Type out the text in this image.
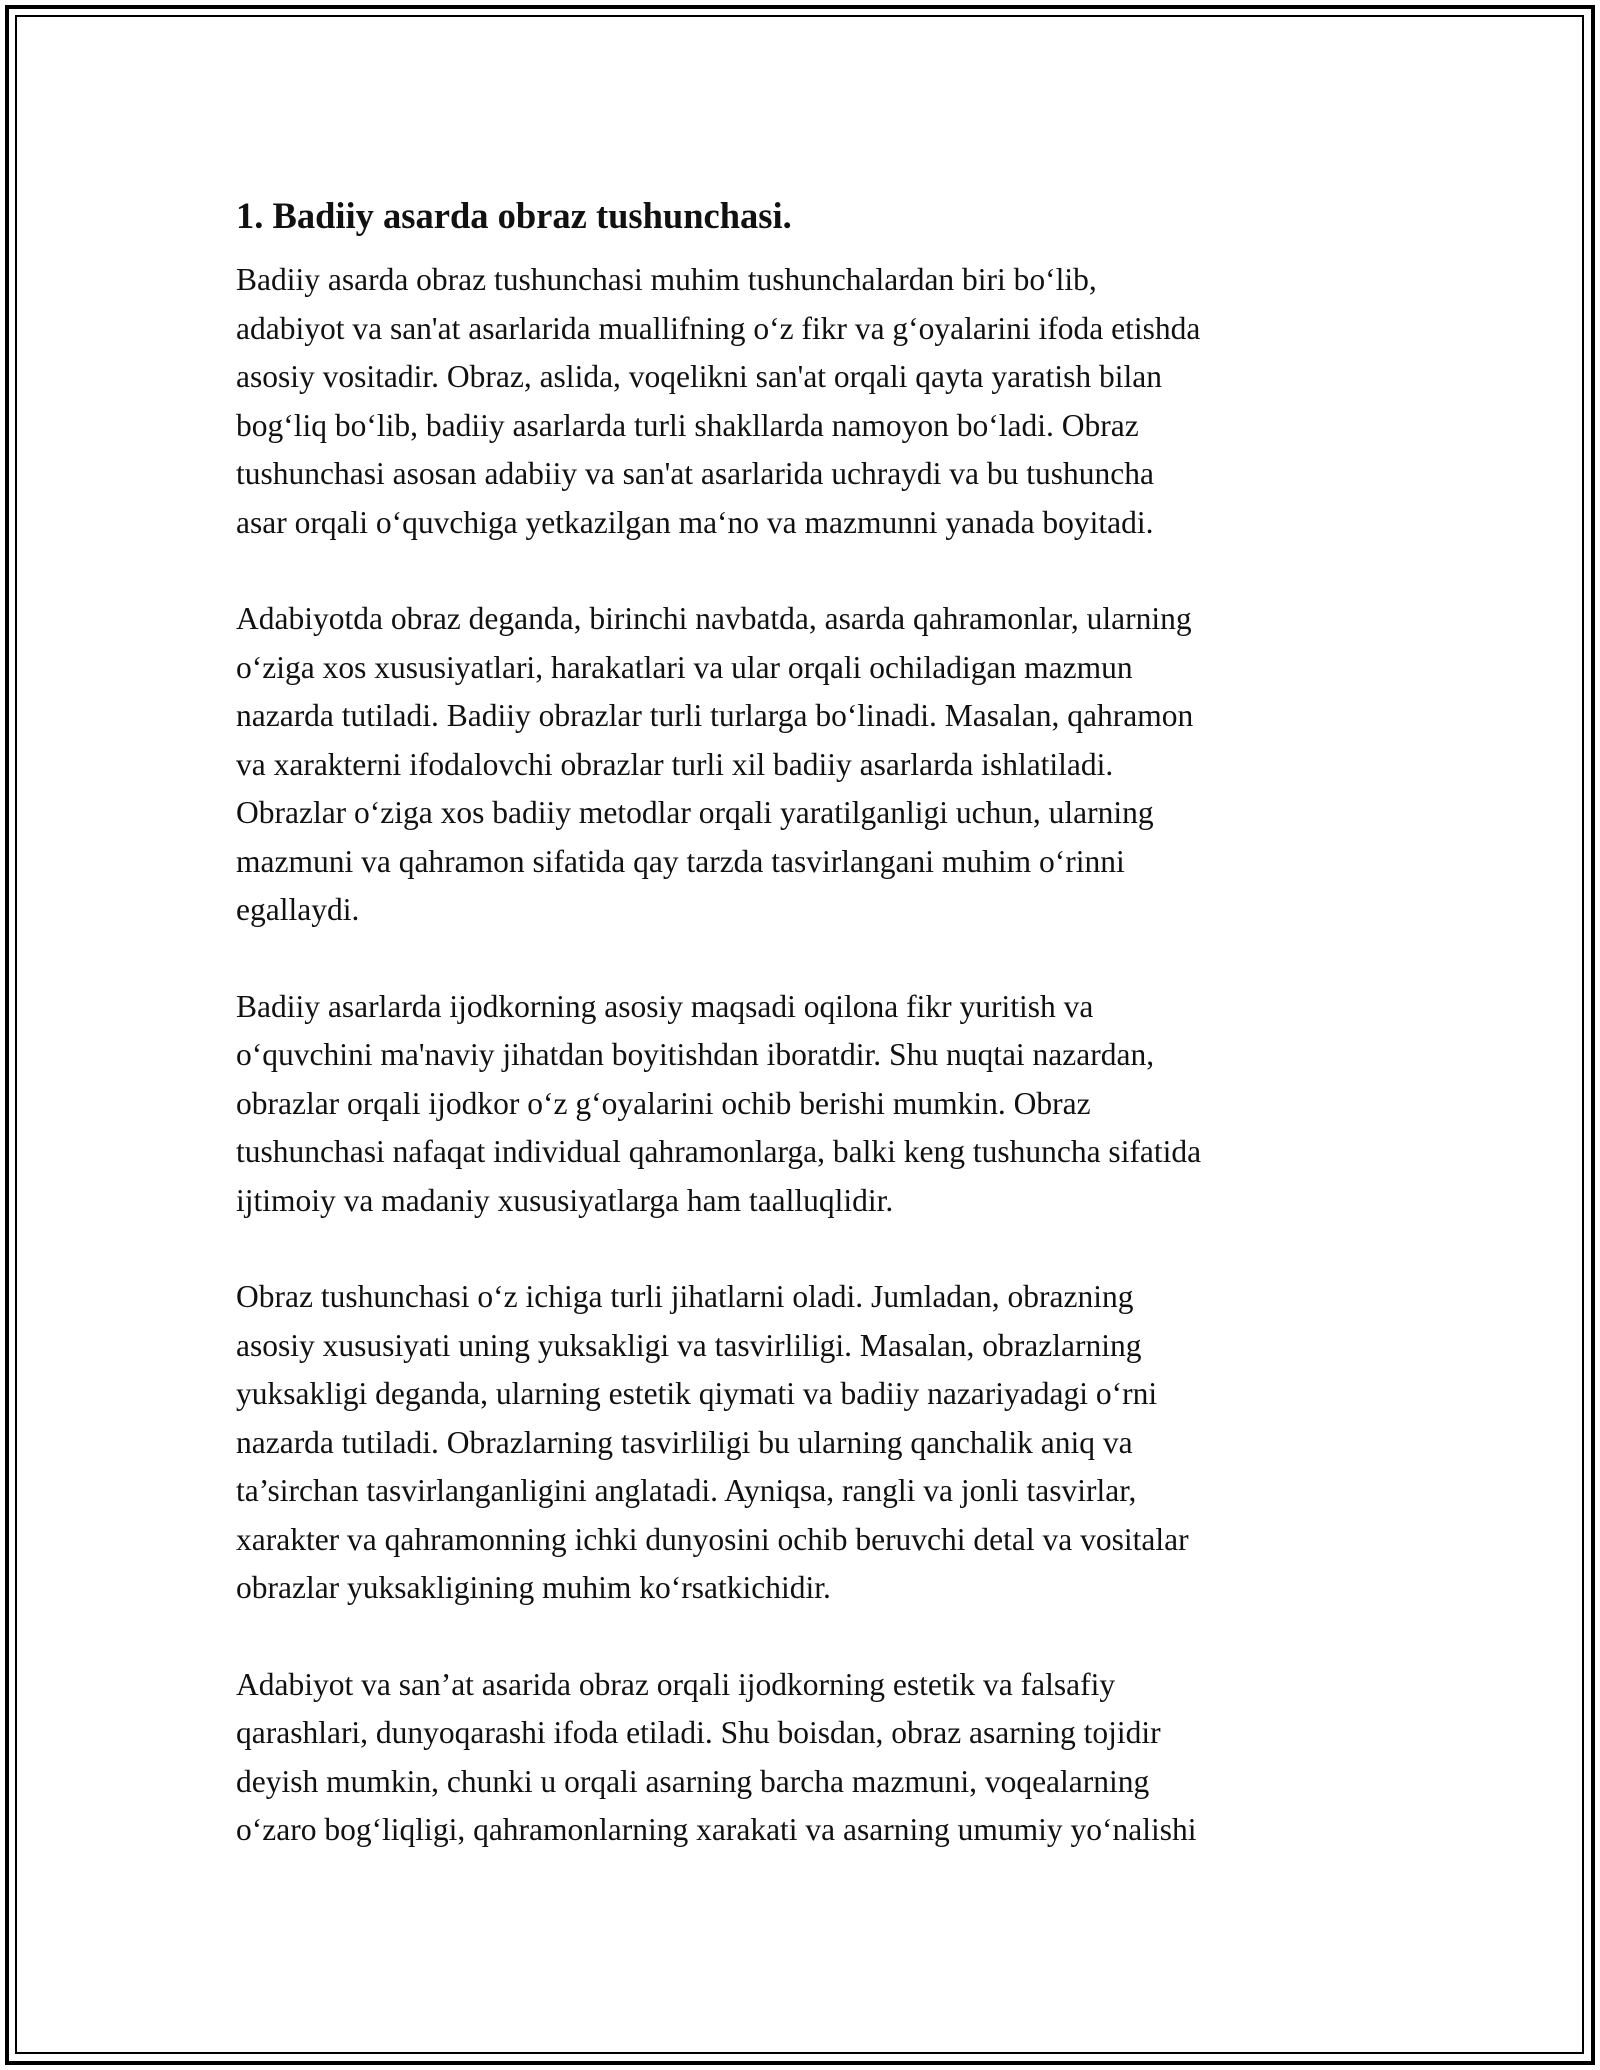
1. Badiiy asarda obraz tushunchasi.

Badiiy asarda obraz tushunchasi muhim tushunchalardan biri bo‘lib,
adabiyot va san'at asarlarida muallifning o‘z fikr va g‘oyalarini ifoda etishda
asosiy vositadir. Obraz, aslida, voqelikni san'at orqali qayta yaratish bilan
bog‘liq bo‘lib, badiiy asarlarda turli shakllarda namoyon bo‘ladi. Obraz
tushunchasi asosan adabiiy va san'at asarlarida uchraydi va bu tushuncha
asar orqali o‘quvchiga yetkazilgan ma‘no va mazmunni yanada boyitadi.

Adabiyotda obraz deganda, birinchi navbatda, asarda qahramonlar, ularning
o‘ziga xos xususiyatlari, harakatlari va ular orqali ochiladigan mazmun
nazarda tutiladi. Badiiy obrazlar turli turlarga bo‘linadi. Masalan, qahramon
va xarakterni ifodalovchi obrazlar turli xil badiiy asarlarda ishlatiladi.
Obrazlar o‘ziga xos badiiy metodlar orqali yaratilganligi uchun, ularning
mazmuni va qahramon sifatida qay tarzda tasvirlangani muhim o‘rinni
egallaydi.

Badiiy asarlarda ijodkorning asosiy maqsadi oqilona fikr yuritish va
o‘quvchini ma'naviy jihatdan boyitishdan iboratdir. Shu nuqtai nazardan,
obrazlar orqali ijodkor o‘z g‘oyalarini ochib berishi mumkin. Obraz
tushunchasi nafaqat individual qahramonlarga, balki keng tushuncha sifatida
ijtimoiy va madaniy xususiyatlarga ham taalluqlidir.

Obraz tushunchasi o‘z ichiga turli jihatlarni oladi. Jumladan, obrazning
asosiy xususiyati uning yuksakligi va tasvirliligi. Masalan, obrazlarning
yuksakligi deganda, ularning estetik qiymati va badiiy nazariyadagi o‘rni
nazarda tutiladi. Obrazlarning tasvirliligi bu ularning qanchalik aniq va
ta’sirchan tasvirlanganligini anglatadi. Ayniqsa, rangli va jonli tasvirlar,
xarakter va qahramonning ichki dunyosini ochib beruvchi detal va vositalar
obrazlar yuksakligining muhim ko‘rsatkichidir.

Adabiyot va san’at asarida obraz orqali ijodkorning estetik va falsafiy
qarashlari, dunyoqarashi ifoda etiladi. Shu boisdan, obraz asarning tojidir
deyish mumkin, chunki u orqali asarning barcha mazmuni, voqealarning
o‘zaro bog‘liqligi, qahramonlarning xarakati va asarning umumiy yo‘nalishi
